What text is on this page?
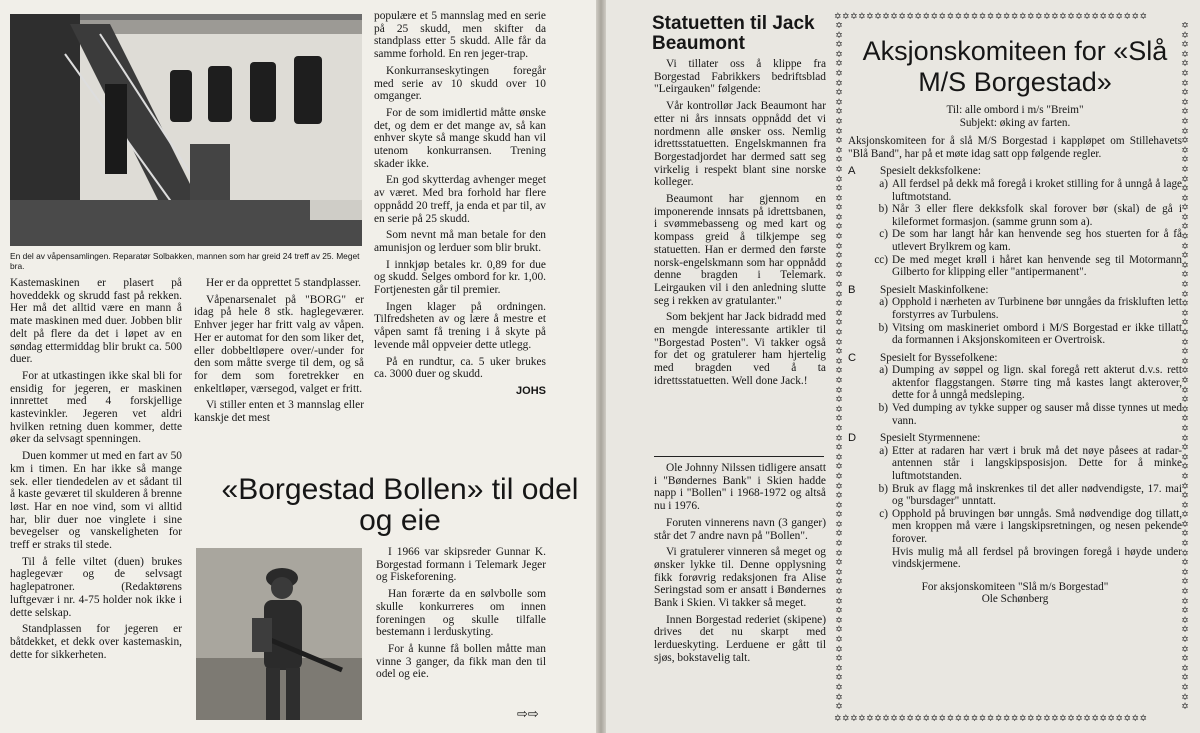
En del av våpensamlingen. Reparatør Solbakken, mannen som har greid 24 treff av 25. Meget bra.

Kastemaskinen er plasert på hoveddekk og skrudd fast på rekken. Her må det alltid være en mann å mate maskinen med duer. Jobben blir delt på flere da det i løpet av en søndag ettermiddag blir brukt ca. 500 duer.

For at utkastingen ikke skal bli for ensidig for jegeren, er maskinen innrettet med 4 forskjellige kastevinkler. Jegeren vet aldri hvilken retning duen kommer, dette øker da selvsagt spenningen.

Duen kommer ut med en fart av 50 km i timen. En har ikke så mange sek. eller tiendedelen av et sådant til å kaste geværet til skulderen å brenne løst. Har en noe vind, som vi alltid har, blir duer noe vinglete i sine bevegelser og vanskeligheten for treff er straks til stede.

Til å felle viltet (duen) brukes haglegevær og de selvsagt haglepatroner. (Redaktørens luftgevær i nr. 4-75 holder nok ikke i dette selskap.

Standplassen for jegeren er båtdekket, et dekk over kastemaskin, dette for sikkerheten.

Her er da opprettet 5 standplasser.

Våpenarsenalet på "BORG" er idag på hele 8 stk. haglegeværer. Enhver jeger har fritt valg av våpen. Her er automat for den som liker det, eller dobbeltløpere over/-under for den som måtte sverge til dem, og så for dem som foretrekker en enkeltløper, værsegod, valget er fritt.

Vi stiller enten et 3 mannslag eller kanskje det mest

populære et 5 mannslag med en serie på 25 skudd, men skifter da standplass etter 5 skudd. Alle får da samme forhold. En ren jeger-trap.

Konkurranseskytingen foregår med serie av 10 skudd over 10 omganger.

For de som imidlertid måtte ønske det, og dem er det mange av, så kan enhver skyte så mange skudd han vil utenom konkurransen. Trening skader ikke.

En god skytterdag avhenger meget av været. Med bra forhold har flere oppnådd 20 treff, ja enda et par til, av en serie på 25 skudd.

Som nevnt må man betale for den amunisjon og lerduer som blir brukt.

I innkjøp betales kr. 0,89 for due og skudd. Selges ombord for kr. 1,00. Fortjenesten går til premier.

Ingen klager på ordningen. Tilfredsheten av og lære å mestre et våpen samt få trening i å skyte på levende mål oppveier dette utlegg.

På en rundtur, ca. 5 uker brukes ca. 3000 duer og skudd.

JOHS
«Borgestad Bollen» til odel og eie

I 1966 var skipsreder Gunnar K. Borgestad formann i Telemark Jeger og Fiskeforening.

Han forærte da en sølvbolle som skulle konkurreres om innen foreningen og skulle tilfalle bestemann i lerduskyting.

For å kunne få bollen måtte man vinne 3 ganger, da fikk man den til odel og eie.

⇨⇨
Statuetten til Jack Beaumont

Vi tillater oss å klippe fra Borgestad Fabrikkers bedriftsblad "Leirgauken" følgende:

Vår kontrollør Jack Beaumont har etter ni års innsats oppnådd det vi nordmenn alle ønsker oss. Nemlig idrettsstatuetten. Engelskmannen fra Borgestadjordet har dermed satt seg virkelig i respekt blant sine norske kolleger.

Beaumont har gjennom en imponerende innsats på idrettsbanen, i svømmebasseng og med kart og kompass greid å tilkjempe seg statuetten. Han er dermed den første norsk-engelskmann som har oppnådd denne bragden i Telemark. Leirgauken vil i den anledning slutte seg i rekken av gratulanter."

Som bekjent har Jack bidradd med en mengde interessante artikler til "Borgestad Posten". Vi takker også for det og gratulerer ham hjertelig med bragden ved å ta idrettsstatuetten. Well done Jack.!

Ole Johnny Nilssen tidligere ansatt i "Bøndernes Bank" i Skien hadde napp i "Bollen" i 1968-1972 og altså nu i 1976.

Foruten vinnerens navn (3 ganger) står det 7 andre navn på "Bollen".

Vi gratulerer vinneren så meget og ønsker lykke til. Denne opplysning fikk forøvrig redaksjonen fra Alise Seringstad som er ansatt i Bøndernes Bank i Skien. Vi takker så meget.

Innen Borgestad rederiet (skipene) drives det nu skarpt med lerdueskyting. Lerduene er gått til sjøs, bokstavelig talt.

✡✡✡✡✡✡✡✡✡✡✡✡✡✡✡✡✡✡✡✡✡✡✡✡✡✡✡✡✡✡✡✡✡✡✡✡✡✡✡
✡✡✡✡✡✡✡✡✡✡✡✡✡✡✡✡✡✡✡✡✡✡✡✡✡✡✡✡✡✡✡✡✡✡✡✡✡✡✡
✡
✡
✡
✡
✡
✡
✡
✡
✡
✡
✡
✡
✡
✡
✡
✡
✡
✡
✡
✡
✡
✡
✡
✡
✡
✡
✡
✡
✡
✡
✡
✡
✡
✡
✡
✡
✡
✡
✡
✡
✡
✡
✡
✡
✡
✡
✡
✡
✡
✡
✡
✡
✡
✡
✡
✡
✡
✡
✡
✡
✡
✡
✡
✡
✡
✡
✡
✡
✡
✡
✡
✡
✡
✡
✡
✡
✡
✡
✡
✡
✡
✡
✡
✡
✡
✡
✡
✡
✡
✡
✡
✡
✡
✡
✡
✡
✡
✡
✡
✡
✡
✡
✡
✡
✡
✡
✡
✡
✡
✡
✡
✡
✡
✡
✡
✡
✡
✡
✡
✡
✡
✡
✡
✡
✡
✡
✡
✡
✡
✡
✡
✡
✡
✡
✡
✡
✡
✡
✡
✡
✡
✡
✡
✡
Aksjonskomiteen for «Slå M/S Borgestad»
Til: alle ombord i m/s "Breim"
Subjekt: øking av farten.
Aksjonskomiteen for å slå M/S Borgestad i kappløpet om Stillehavets "Blå Band", har på et møte idag satt opp følgende regler.
A	Spesielt dekksfolkene:
a) All ferdsel på dekk må foregå i kroket stilling for å unngå å lage luftmotstand.
b) Når 3 eller flere dekksfolk skal forover bør (skal) de gå i kileformet formasjon. (samme grunn som a).
c) De som har langt hår kan henvende seg hos stuerten for å få utlevert Brylkrem og kam.
cc) De med meget krøll i håret kan henvende seg til Motormann Gilberto for klipping eller "antipermanent".
B	Spesielt Maskinfolkene:
a) Opphold i nærheten av Turbinene bør unngåes da friskluften lett forstyrres av Turbulens.
b) Vitsing om maskineriet ombord i M/S Borgestad er ikke tillatt da formannen i Aksjonskomiteen er Overtroisk.
C	Spesielt for Byssefolkene:
a) Dumping av søppel og lign. skal foregå rett akterut d.v.s. rett aktenfor flaggstangen. Større ting må kastes langt akterover, dette for å unngå medsleping.
b) Ved dumping av tykke supper og sauser må disse tynnes ut med vann.
D	Spesielt Styrmennene:
a) Etter at radaren har vært i bruk må det nøye påsees at radar-antennen står i langskipsposisjon. Dette for å minke luftmotstanden.
b) Bruk av flagg må inskrenkes til det aller nødvendigste, 17. mai og "bursdager" unntatt.
c) Opphold på bruvingen bør unngås. Små nødvendige dog tillatt, men kroppen må være i langskipsretningen, og nesen pekende forover.
Hvis mulig må all ferdsel på brovingen foregå i høyde under vindskjermene.
For aksjonskomiteen "Slå m/s Borgestad"
Ole Schønberg
